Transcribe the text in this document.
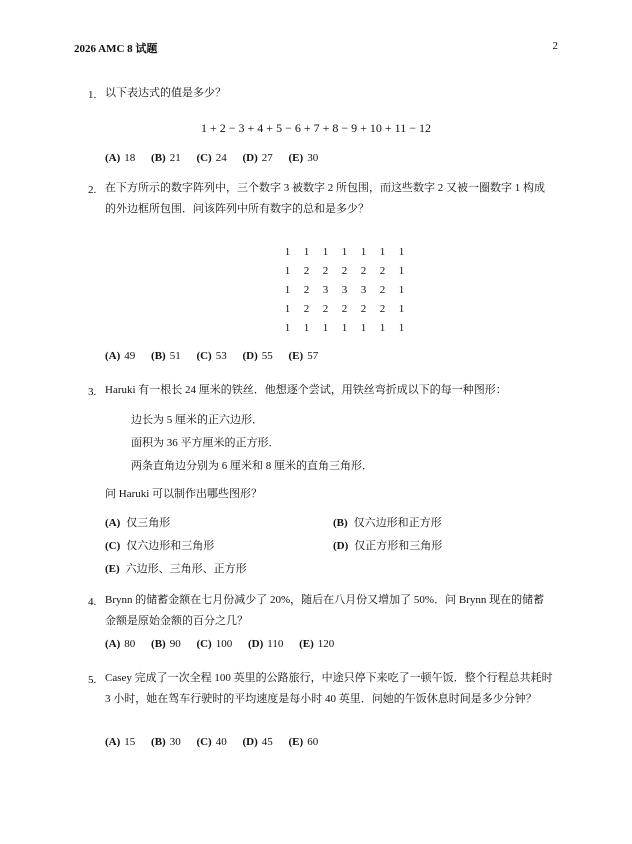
2026 AMC 8 试题	2
1. 以下表达式的值是多少？
1 + 2 − 3 + 4 + 5 − 6 + 7 + 8 − 9 + 10 + 11 − 12
(A) 18 (B) 21 (C) 24 (D) 27 (E) 30
2. 在下方所示的数字阵列中，三个数字 3 被数字 2 所包围，而这些数字 2 又被一圈数字 1 构成的外边框所包围．问该阵列中所有数字的总和是多少？
1	1	1	1	1	1	1
1	2	2	2	2	2	1
1	2	3	3	3	2	1
1	2	2	2	2	2	1
1	1	1	1	1	1	1
(A) 49 (B) 51 (C) 53 (D) 55 (E) 57
3. Haruki 有一根长 24 厘米的铁丝．他想逐个尝试，用铁丝弯折成以下的每一种图形：
边长为 5 厘米的正六边形．
面积为 36 平方厘米的正方形．
两条直角边分别为 6 厘米和 8 厘米的直角三角形．
问 Haruki 可以制作出哪些图形？
(A) 仅三角形	(B) 仅六边形和正方形
(C) 仅六边形和三角形	(D) 仅正方形和三角形
(E) 六边形、三角形、正方形
4. Brynn 的储蓄金额在七月份减少了 20%，随后在八月份又增加了 50%．问 Brynn 现在的储蓄金额是原始金额的百分之几？
(A) 80 (B) 90 (C) 100 (D) 110 (E) 120
5. Casey 完成了一次全程 100 英里的公路旅行，中途只停下来吃了一顿午饭．整个行程总共耗时 3 小时，她在驾车行驶时的平均速度是每小时 40 英里．问她的午饭休息时间是多少分钟？
(A) 15 (B) 30 (C) 40 (D) 45 (E) 60
